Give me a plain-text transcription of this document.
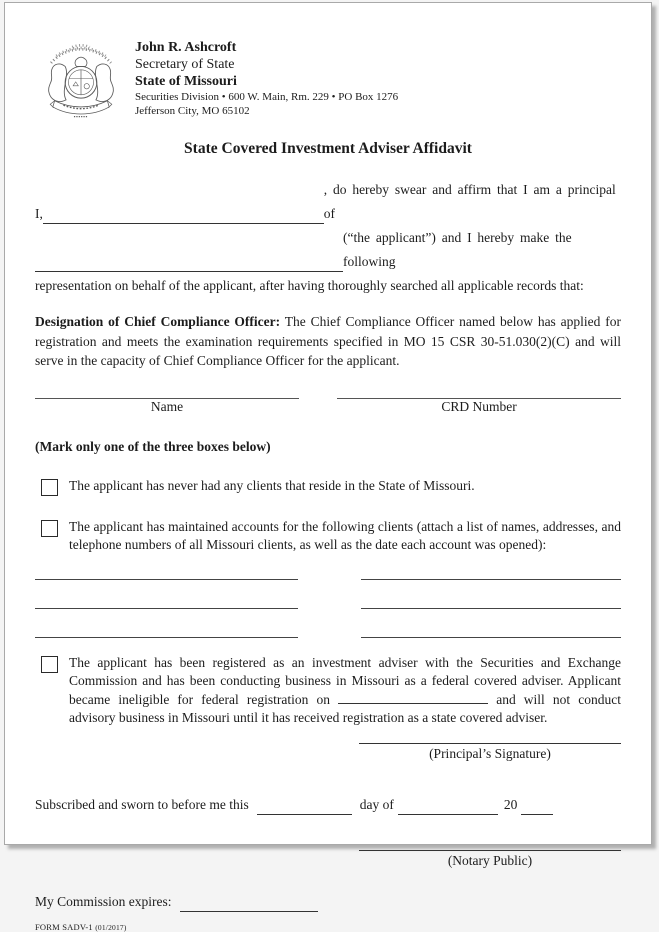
John R. Ashcroft
Secretary of State
State of Missouri
Securities Division • 600 W. Main, Rm. 229 • PO Box 1276
Jefferson City, MO 65102
State Covered Investment Adviser Affidavit
I,
, do hereby swear and affirm that I am a principal of
(“the applicant”) and I hereby make the following
representation on behalf of the applicant, after having thoroughly searched all applicable records that:

Designation of Chief Compliance Officer: The Chief Compliance Officer named below has applied for registration and meets the examination requirements specified in MO 15 CSR 30-51.030(2)(C) and will serve in the capacity of Chief Compliance Officer for the applicant.

Name	CRD Number
(Mark only one of the three boxes below)
The applicant has never had any clients that reside in the State of Missouri.
The applicant has maintained accounts for the following clients (attach a list of names, addresses, and telephone numbers of all Missouri clients, as well as the date each account was opened):
The applicant has been registered as an investment adviser with the Securities and Exchange Commission and has been conducting business in Missouri as a federal covered adviser. Applicant became ineligible for federal registration on	and will not conduct advisory business in Missouri until it has received registration as a state covered adviser.
(Principal’s Signature)
Subscribed and sworn to before me this	day of	20
(Notary Public)
My Commission expires:
FORM SADV-1 (01/2017)
